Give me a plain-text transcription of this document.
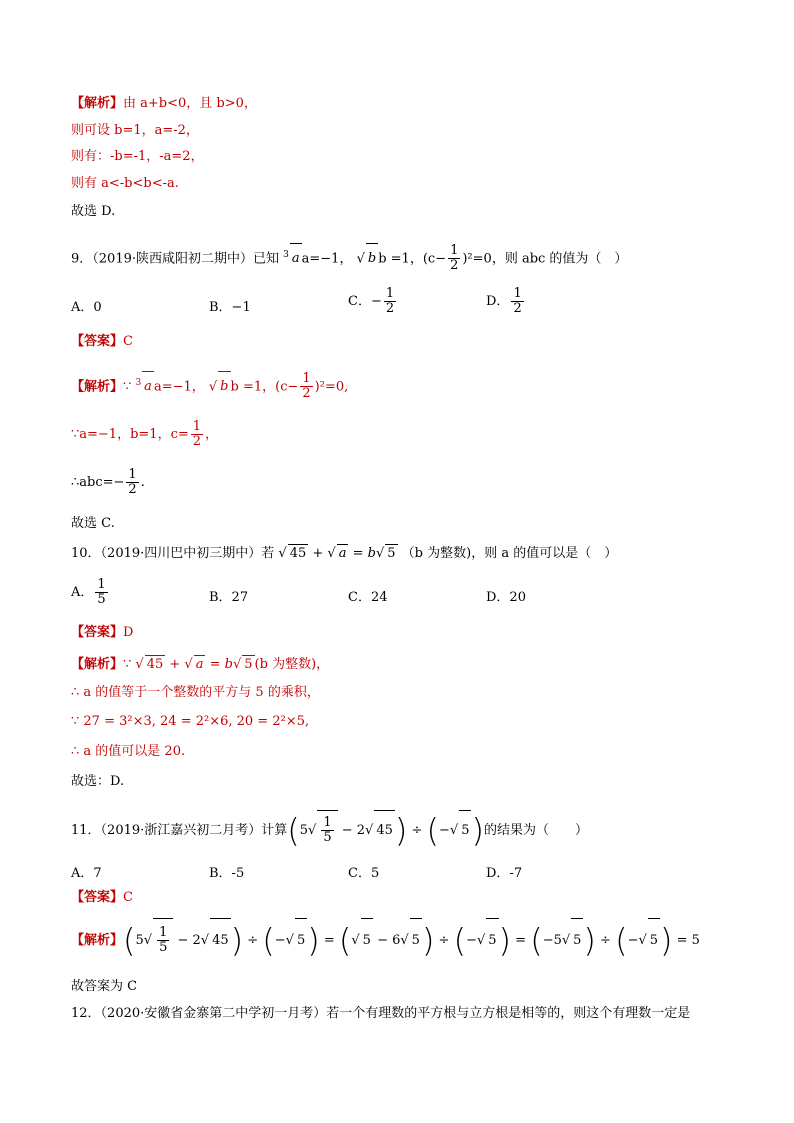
【解析】由 a+b<0，且 b>0，
则可设 b=1，a=-2，
则有：-b=-1，-a=2，
则有 a<-b<b<-a.
故选 D.
9．（2019·陕西咸阳初二期中）已知 $^3$ a a=−1， √ b b =1，$(c- \frac{1}{2} )^2=0$，则 abc 的值为（　）
A．0	B．−1	C．− $\frac{1}{2}$	D． $\frac{1}{2}$
【答案】C
【解析】∵ $^3$ a a=−1， √ b b =1，$(c- \frac{1}{2} )^2=0$,
∵a=−1，b=1，$c= \frac{1}{2}$ ，
∴abc=− $\frac{1}{2}$ .
故选 C.
10．（2019·四川巴中初三期中）若 √ 45 + √ a = b√ 5 （b 为整数)，则 a 的值可以是（　）
A． $\frac{1}{5}$	B．27	C．24	D．20
【答案】D
【解析】∵ √ 45 + √ a = b√ 5 (b 为整数)，
∴ a 的值等于一个整数的平方与 5 的乘积，
∵ 27 = 3²×3, 24 = 2²×6, 20 = 2²×5,
∴ a 的值可以是 20.
故选：D.
11．（2019·浙江嘉兴初二月考）计算($5√ \frac{1}{5} - 2√$ 45) ÷ (−√ 5)的结果为（　　）
A．7	B．-5	C．5	D．-7
【答案】C
【解析】($5√ \frac{1}{5} - 2√$ 45) ÷ (−√ 5) = (√ 5 − 6√ 5) ÷ (−√ 5) = (−5√ 5) ÷ (−√ 5) = 5
故答案为 C
12．（2020·安徽省金寨第二中学初一月考）若一个有理数的平方根与立方根是相等的，则这个有理数一定是
